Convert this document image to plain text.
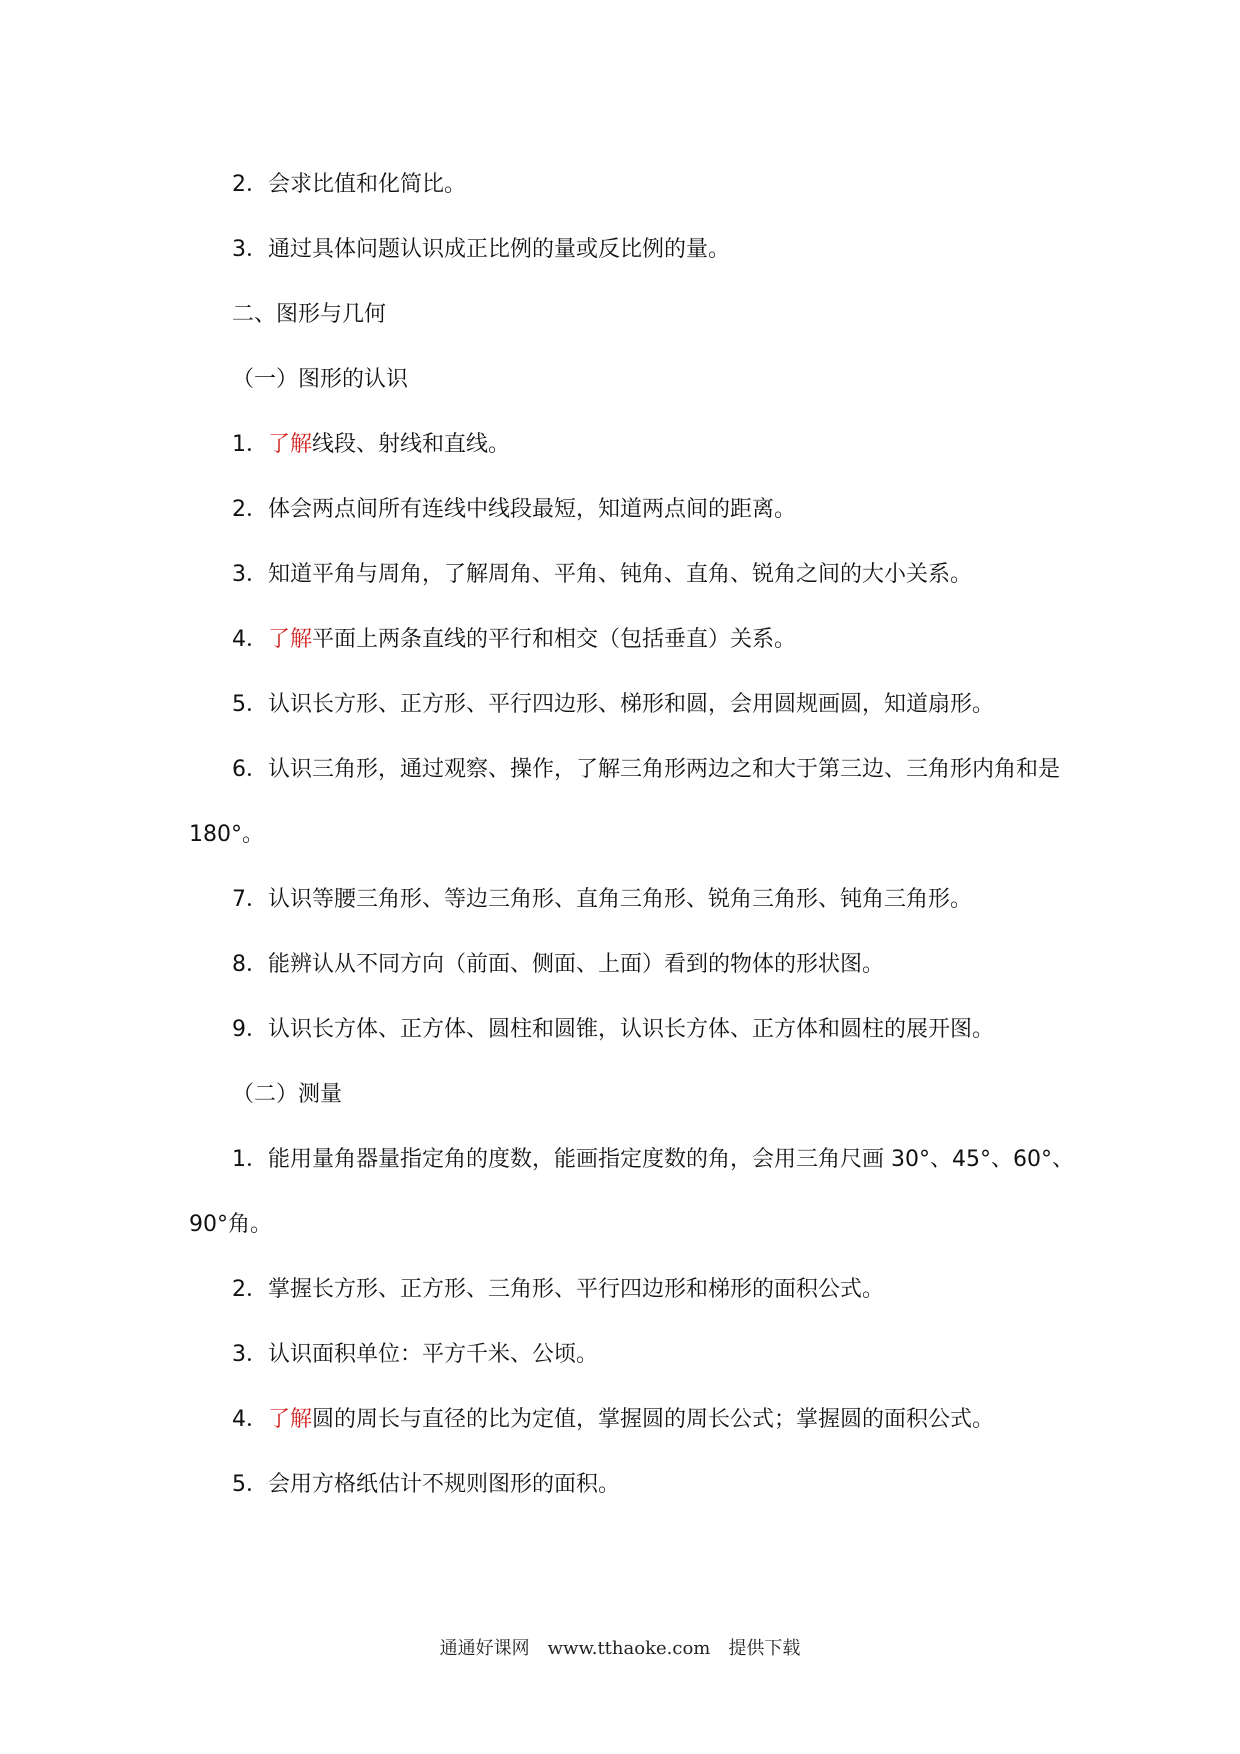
2．会求比值和化简比。
3．通过具体问题认识成正比例的量或反比例的量。
二、图形与几何
（一）图形的认识
1．了解线段、射线和直线。
2．体会两点间所有连线中线段最短，知道两点间的距离。
3．知道平角与周角，了解周角、平角、钝角、直角、锐角之间的大小关系。
4．了解平面上两条直线的平行和相交（包括垂直）关系。
5．认识长方形、正方形、平行四边形、梯形和圆，会用圆规画圆，知道扇形。
6．认识三角形，通过观察、操作，了解三角形两边之和大于第三边、三角形内角和是
180°。
7．认识等腰三角形、等边三角形、直角三角形、锐角三角形、钝角三角形。
8．能辨认从不同方向（前面、侧面、上面）看到的物体的形状图。
9．认识长方体、正方体、圆柱和圆锥，认识长方体、正方体和圆柱的展开图。
（二）测量
1．能用量角器量指定角的度数，能画指定度数的角，会用三角尺画 30°、45°、60°、
90°角。
2．掌握长方形、正方形、三角形、平行四边形和梯形的面积公式。
3．认识面积单位：平方千米、公顷。
4．了解圆的周长与直径的比为定值，掌握圆的周长公式；掌握圆的面积公式。
5．会用方格纸估计不规则图形的面积。
通通好课网　www.tthaoke.com　提供下载
